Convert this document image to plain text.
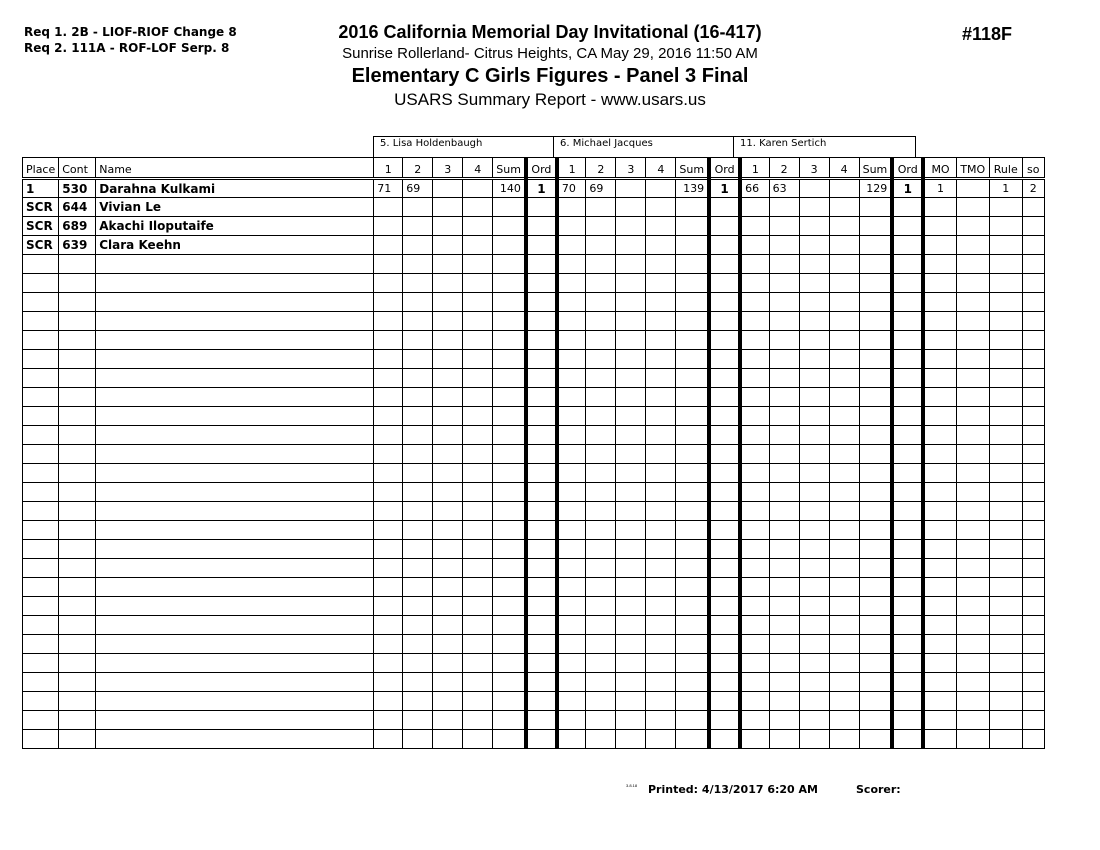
Req 1. 2B - LIOF-RIOF Change 8
Req 2. 111A - ROF-LOF Serp. 8
2016 California Memorial Day Invitational (16-417)
Sunrise Rollerland- Citrus Heights, CA May 29, 2016 11:50 AM
Elementary C Girls Figures - Panel 3 Final
USARS Summary Report - www.usars.us
#118F
5. Lisa Holdenbaugh	6. Michael Jacques	11. Karen Sertich
Place	Cont	Name	1	2	3	4	Sum	Ord	1	2	3	4	Sum	Ord	1	2	3	4	Sum	Ord	MO	TMO	Rule	so
1	530	Darahna Kulkami	71	69			140	1	70	69			139	1	66	63			129	1	1		1	2
SCR	644	Vivian Le																						
SCR	689	Akachi Iloputaife																						
SCR	639	Clara Keehn																						

3.8.18 Printed: 4/13/2017 6:20 AM	Scorer:
